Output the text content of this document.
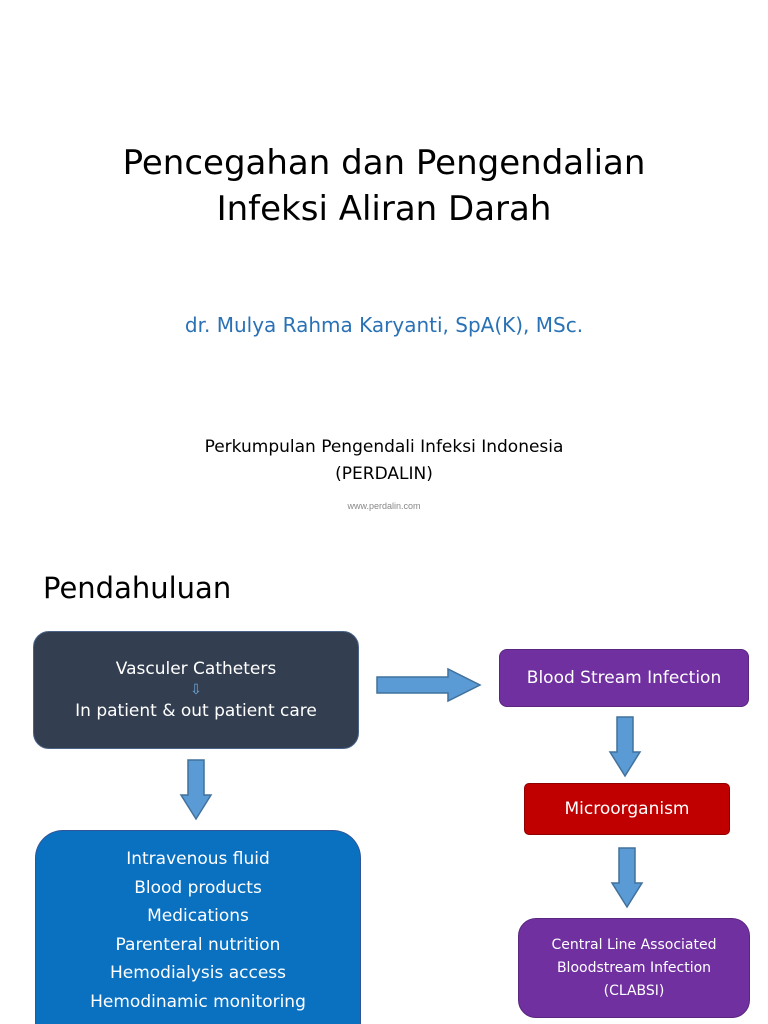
Pencegahan dan Pengendalian
Infeksi Aliran Darah
dr. Mulya Rahma Karyanti, SpA(K), MSc.
Perkumpulan Pengendali Infeksi Indonesia
(PERDALIN)
www.perdalin.com
Pendahuluan
Vasculer Catheters
⇩
In patient & out patient care
Intravenous fluid
Blood products
Medications
Parenteral nutrition
Hemodialysis access
Hemodinamic monitoring
Blood Stream Infection
Microorganism
Central Line Associated
Bloodstream Infection
(CLABSI)
